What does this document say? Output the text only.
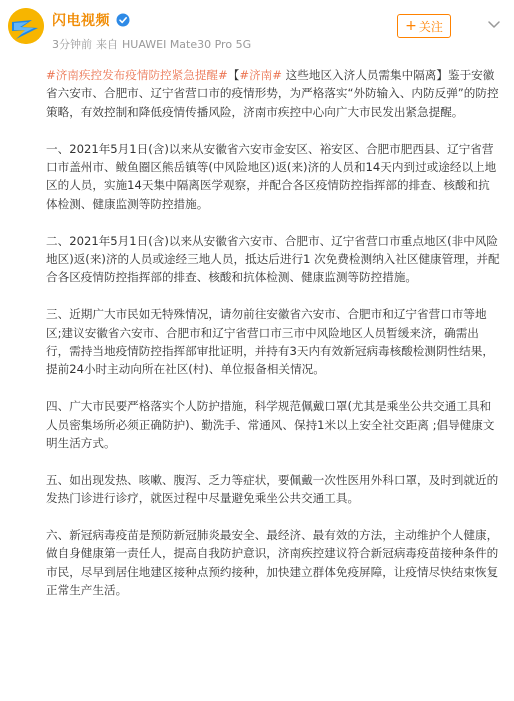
闪电视频
3分钟前 来自 HUAWEI Mate30 Pro 5G
+ 关注

#济南疾控发布疫情防控紧急提醒#【#济南# 这些地区入济人员需集中隔离】鉴于安徽省六安市、合肥市、辽宁省营口市的疫情形势，为严格落实“外防输入、内防反弹”的防控策略，有效控制和降低疫情传播风险，济南市疾控中心向广大市民发出紧急提醒。

一、2021年5月1日(含)以来从安徽省六安市金安区、裕安区、合肥市肥西县、辽宁省营口市盖州市、鲅鱼圈区熊岳镇等(中风险地区)返(来)济的人员和14天内到过或途经以上地区的人员，实施14天集中隔离医学观察，并配合各区疫情防控指挥部的排查、核酸和抗体检测、健康监测等防控措施。

二、2021年5月1日(含)以来从安徽省六安市、合肥市、辽宁省营口市重点地区(非中风险地区)返(来)济的人员或途经三地人员，抵达后进行1 次免费检测纳入社区健康管理，并配合各区疫情防控指挥部的排查、核酸和抗体检测、健康监测等防控措施。

三、近期广大市民如无特殊情况，请勿前往安徽省六安市、合肥市和辽宁省营口市等地区;建议安徽省六安市、合肥市和辽宁省营口市三市中风险地区人员暂缓来济，确需出行，需持当地疫情防控指挥部审批证明，并持有3天内有效新冠病毒核酸检测阴性结果，提前24小时主动向所在社区(村)、单位报备相关情况。

四、广大市民要严格落实个人防护措施，科学规范佩戴口罩(尤其是乘坐公共交通工具和人员密集场所必须正确防护)、勤洗手、常通风、保持1米以上安全社交距离 ;倡导健康文明生活方式。

五、如出现发热、咳嗽、腹泻、乏力等症状，要佩戴一次性医用外科口罩，及时到就近的发热门诊进行诊疗，就医过程中尽量避免乘坐公共交通工具。

六、新冠病毒疫苗是预防新冠肺炎最安全、最经济、最有效的方法，主动维护个人健康，做自身健康第一责任人，提高自我防护意识，济南疾控建议符合新冠病毒疫苗接种条件的市民，尽早到居住地建区接种点预约接种，加快建立群体免疫屏障，让疫情尽快结束恢复正常生产生活。
